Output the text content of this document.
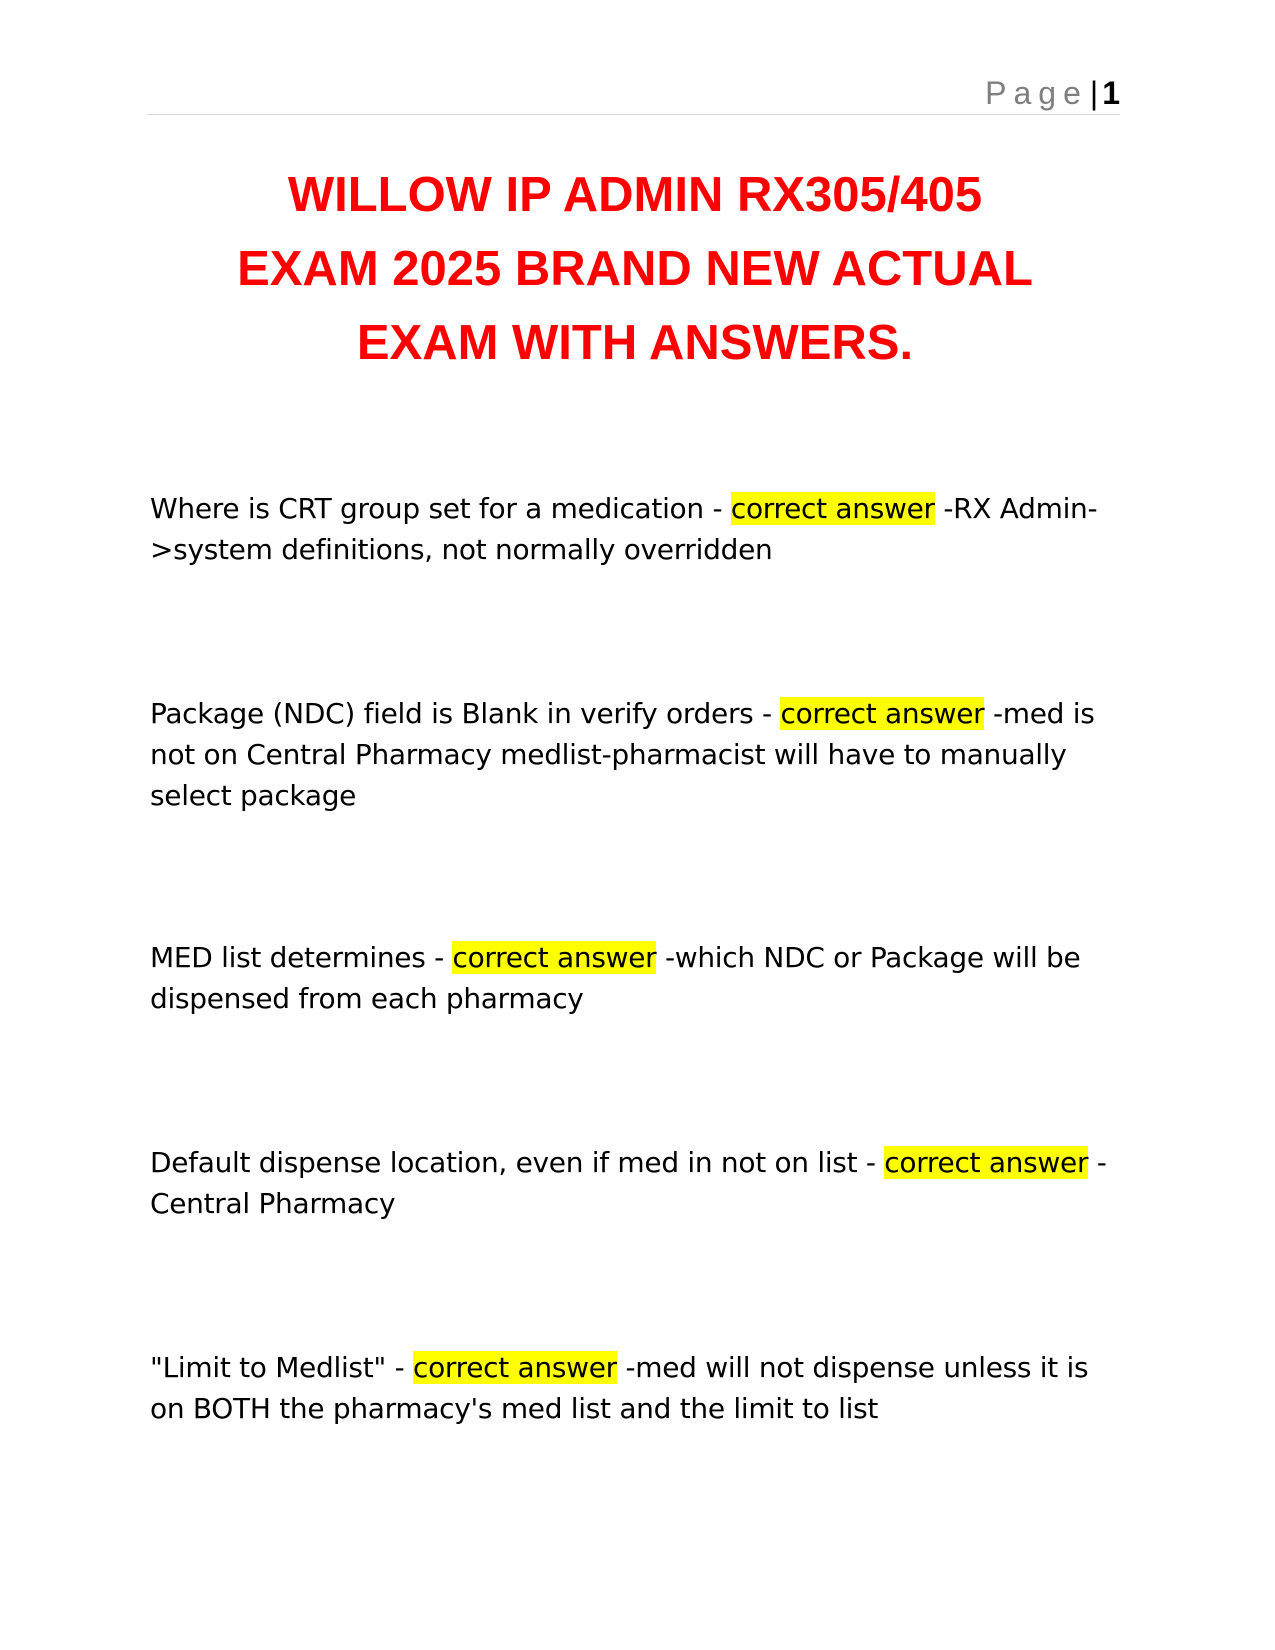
Page| 1
WILLOW IP ADMIN RX305/405
EXAM 2025 BRAND NEW ACTUAL
EXAM WITH ANSWERS.

Where is CRT group set for a medication - correct answer -RX Admin->system definitions, not normally overridden

Package (NDC) field is Blank in verify orders - correct answer -med is not on Central Pharmacy medlist-pharmacist will have to manually select package

MED list determines - correct answer -which NDC or Package will be dispensed from each pharmacy

Default dispense location, even if med in not on list - correct answer -Central Pharmacy

"Limit to Medlist" - correct answer -med will not dispense unless it is on BOTH the pharmacy's med list and the limit to list
